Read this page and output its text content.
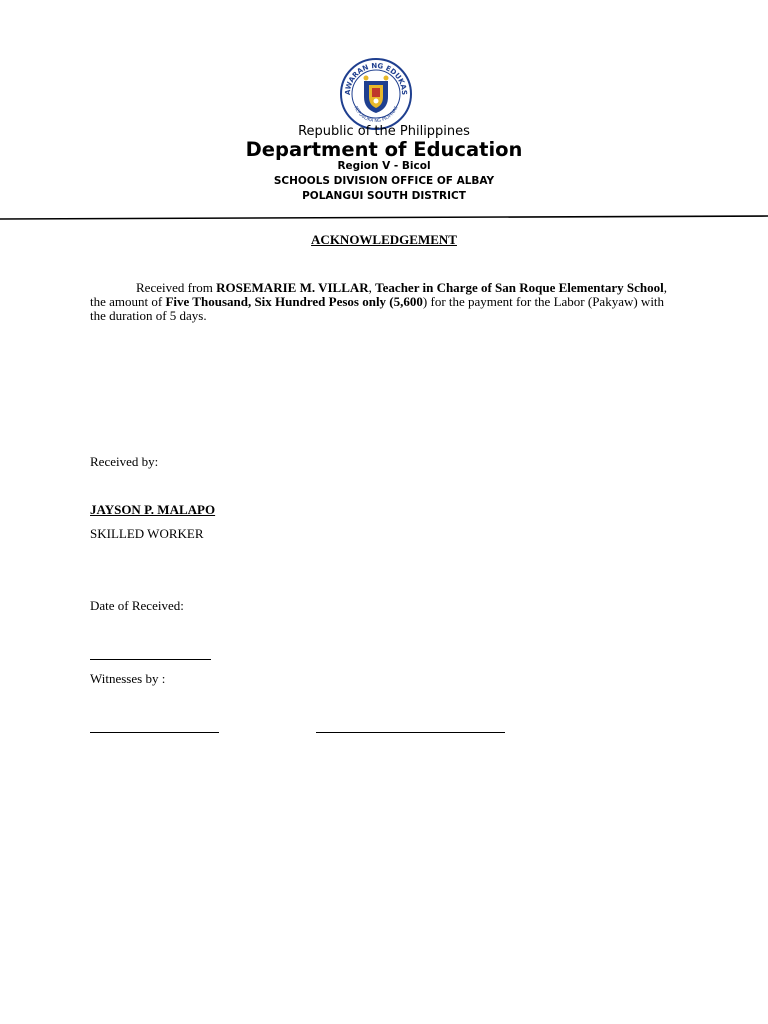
AWARAN NG EDUKAS
REPUBLIKA NG PILIPINAS
Republic of the Philippines
Department of Education
Region V - Bicol
SCHOOLS DIVISION OFFICE OF ALBAY
POLANGUI SOUTH DISTRICT
ACKNOWLEDGEMENT
Received from ROSEMARIE M. VILLAR, Teacher in Charge of San Roque Elementary School, the amount of Five Thousand, Six Hundred Pesos only (5,600) for the payment for the Labor (Pakyaw) with the duration of 5 days.
Received by:
JAYSON P. MALAPO
SKILLED WORKER
Date of Received:
Witnesses by :
